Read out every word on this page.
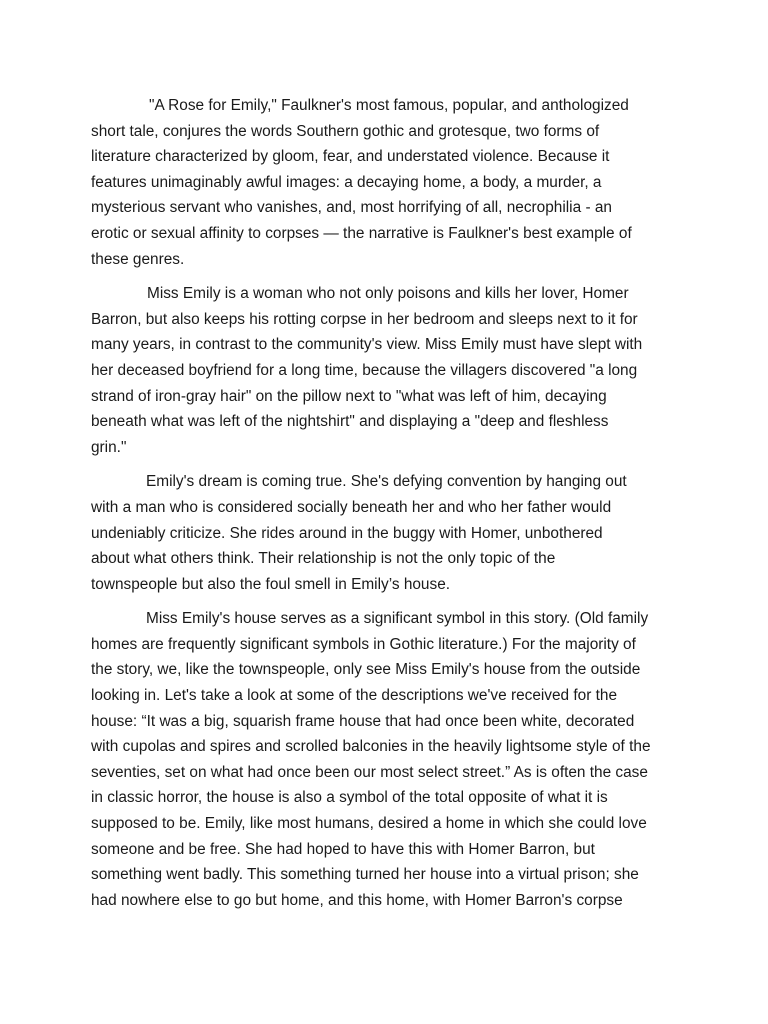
"A Rose for Emily," Faulkner's most famous, popular, and anthologized
short tale, conjures the words Southern gothic and grotesque, two forms of
literature characterized by gloom, fear, and understated violence. Because it
features unimaginably awful images: a decaying home, a body, a murder, a
mysterious servant who vanishes, and, most horrifying of all, necrophilia - an
erotic or sexual affinity to corpses — the narrative is Faulkner's best example of
these genres.
Miss Emily is a woman who not only poisons and kills her lover, Homer
Barron, but also keeps his rotting corpse in her bedroom and sleeps next to it for
many years, in contrast to the community's view. Miss Emily must have slept with
her deceased boyfriend for a long time, because the villagers discovered "a long
strand of iron-gray hair" on the pillow next to "what was left of him, decaying
beneath what was left of the nightshirt" and displaying a "deep and fleshless
grin."
Emily's dream is coming true. She's defying convention by hanging out
with a man who is considered socially beneath her and who her father would
undeniably criticize. She rides around in the buggy with Homer, unbothered
about what others think. Their relationship is not the only topic of the
townspeople but also the foul smell in Emily’s house.
Miss Emily's house serves as a significant symbol in this story. (Old family
homes are frequently significant symbols in Gothic literature.) For the majority of
the story, we, like the townspeople, only see Miss Emily's house from the outside
looking in. Let's take a look at some of the descriptions we've received for the
house: “It was a big, squarish frame house that had once been white, decorated
with cupolas and spires and scrolled balconies in the heavily lightsome style of the
seventies, set on what had once been our most select street.” As is often the case
in classic horror, the house is also a symbol of the total opposite of what it is
supposed to be. Emily, like most humans, desired a home in which she could love
someone and be free. She had hoped to have this with Homer Barron, but
something went badly. This something turned her house into a virtual prison; she
had nowhere else to go but home, and this home, with Homer Barron's corpse
